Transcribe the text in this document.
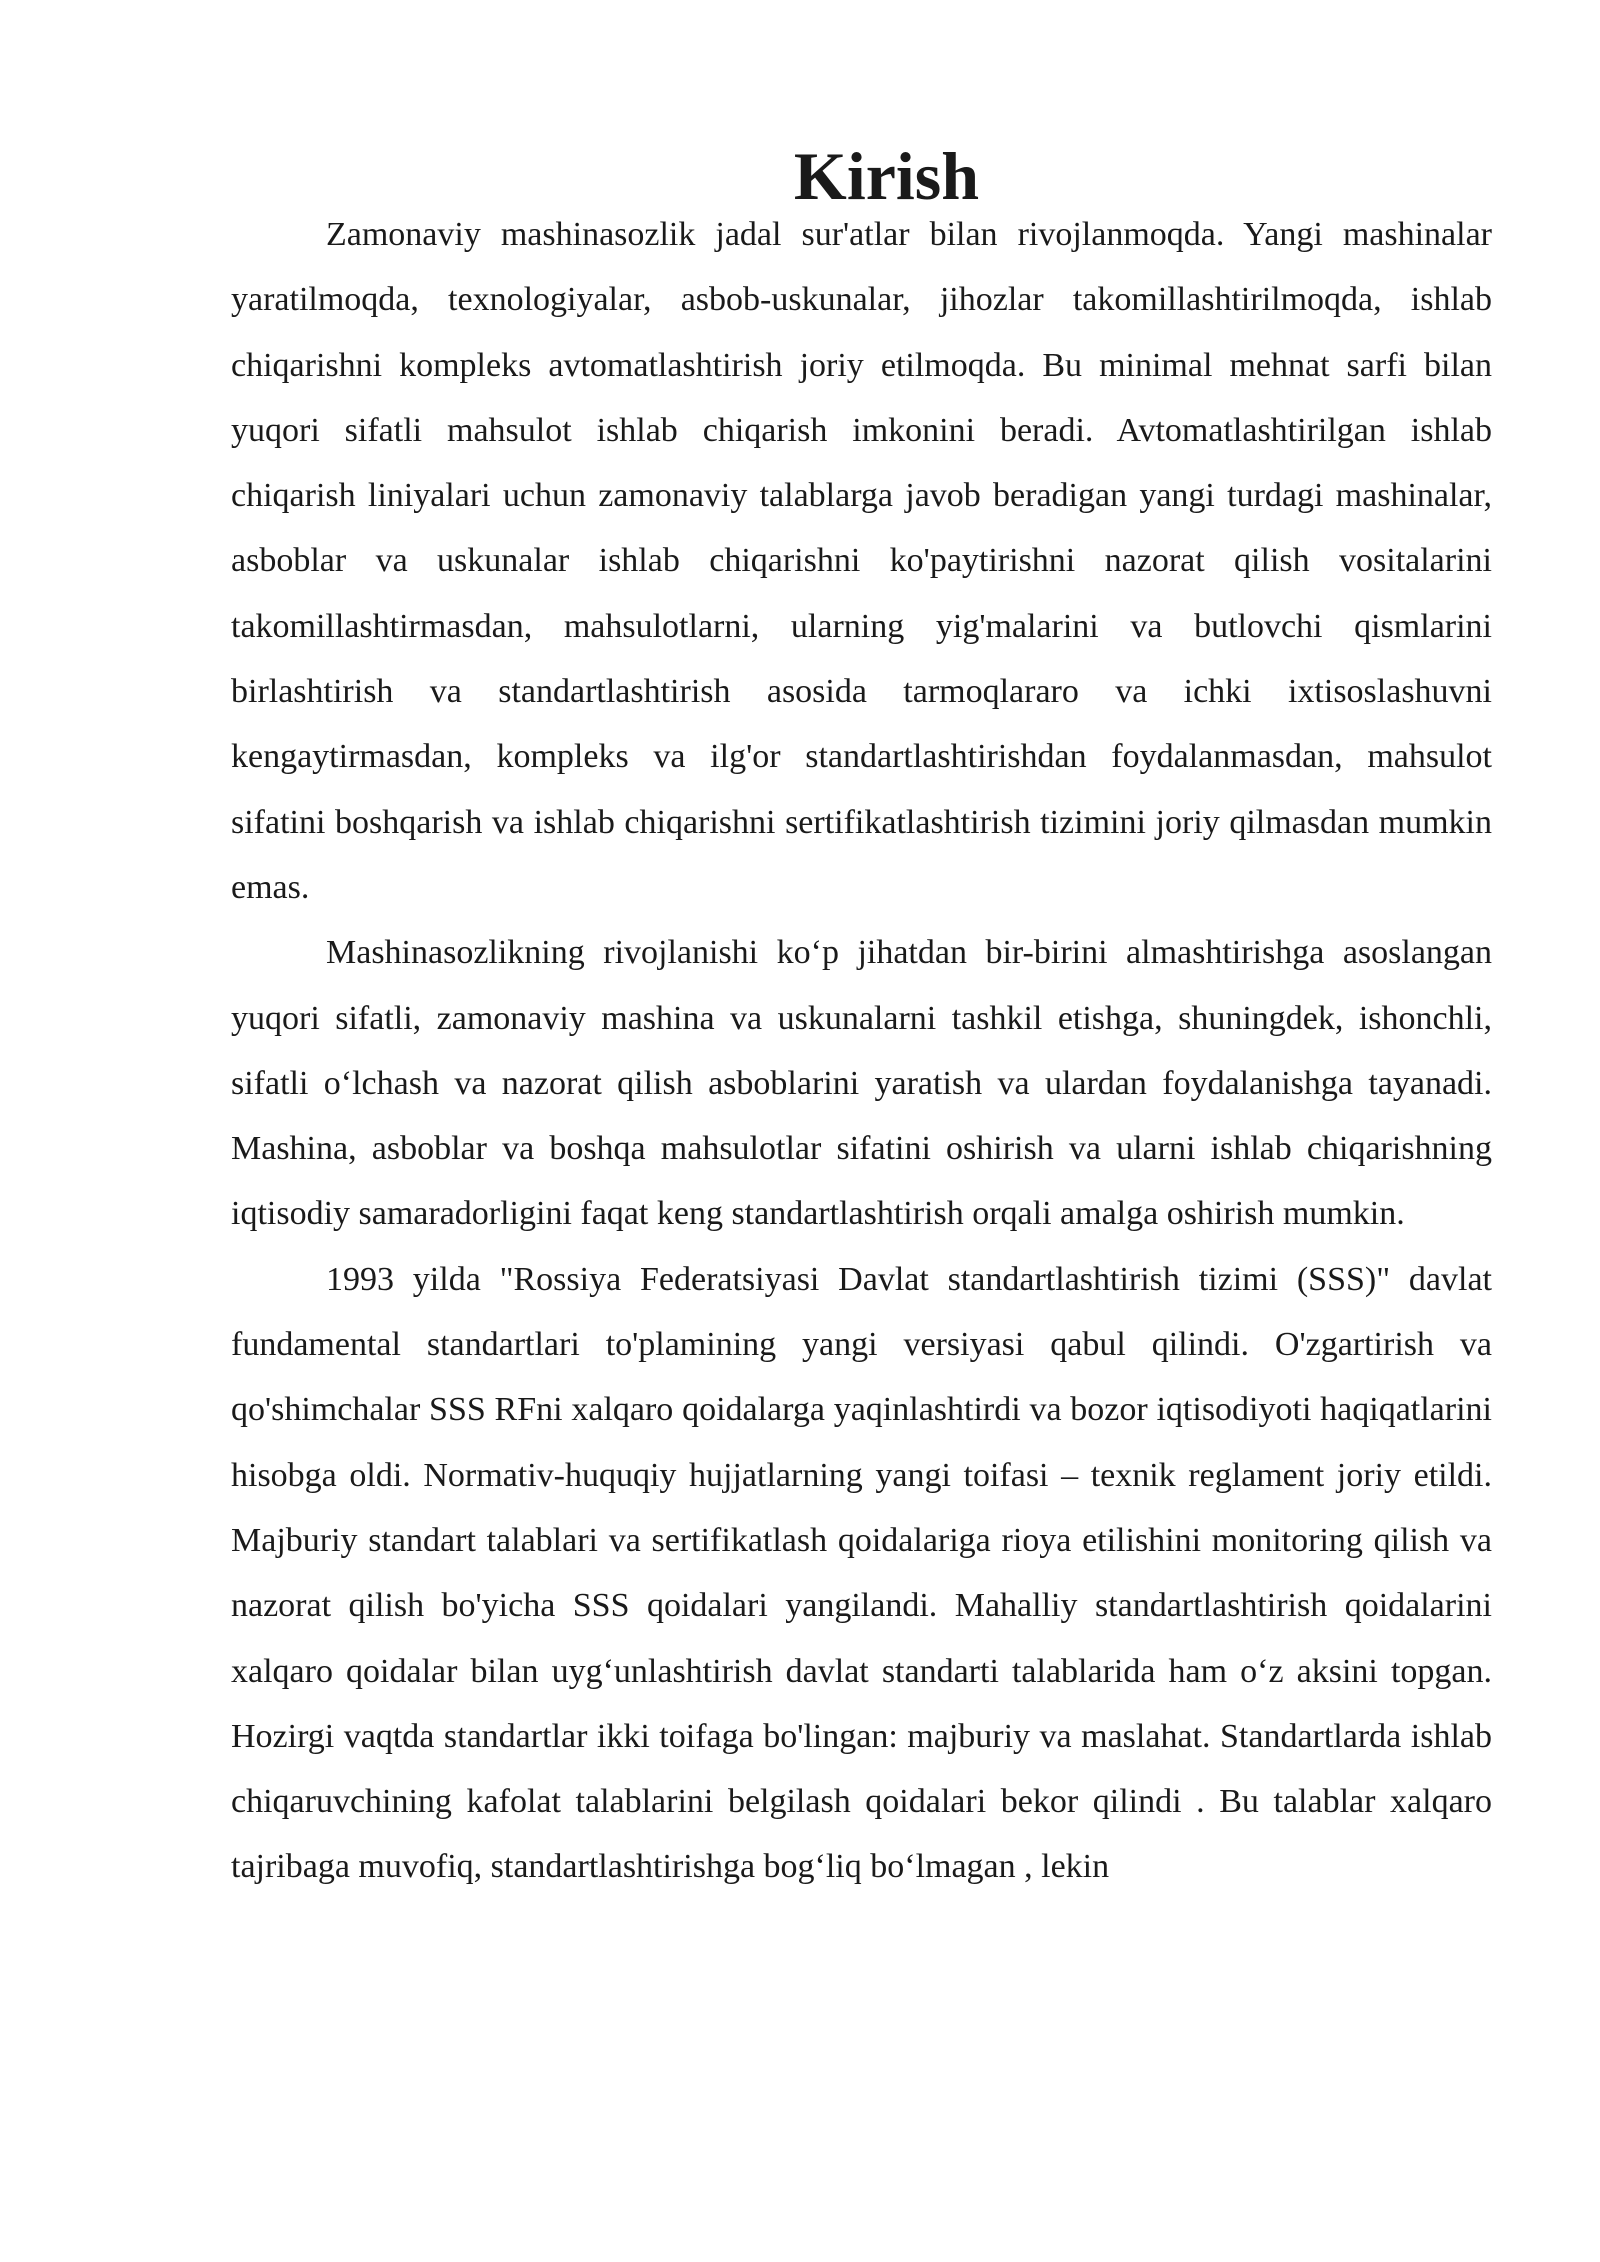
Kirish

Zamonaviy mashinasozlik jadal sur'atlar bilan rivojlanmoqda. Yangi mashinalar yaratilmoqda, texnologiyalar, asbob-uskunalar, jihozlar takomillashtirilmoqda, ishlab chiqarishni kompleks avtomatlashtirish joriy etilmoqda. Bu minimal mehnat sarfi bilan yuqori sifatli mahsulot ishlab chiqarish imkonini beradi. Avtomatlashtirilgan ishlab chiqarish liniyalari uchun zamonaviy talablarga javob beradigan yangi turdagi mashinalar, asboblar va uskunalar ishlab chiqarishni ko'paytirishni nazorat qilish vositalarini takomillashtirmasdan, mahsulotlarni, ularning yig'malarini va butlovchi qismlarini birlashtirish va standartlashtirish asosida tarmoqlararo va ichki ixtisoslashuvni kengaytirmasdan, kompleks va ilg'or standartlashtirishdan foydalanmasdan, mahsulot sifatini boshqarish va ishlab chiqarishni sertifikatlashtirish tizimini joriy qilmasdan mumkin emas.

Mashinasozlikning rivojlanishi ko‘p jihatdan bir-birini almashtirishga asoslangan yuqori sifatli, zamonaviy mashina va uskunalarni tashkil etishga, shuningdek, ishonchli, sifatli o‘lchash va nazorat qilish asboblarini yaratish va ulardan foydalanishga tayanadi. Mashina, asboblar va boshqa mahsulotlar sifatini oshirish va ularni ishlab chiqarishning iqtisodiy samaradorligini faqat keng standartlashtirish orqali amalga oshirish mumkin.

1993 yilda "Rossiya Federatsiyasi Davlat standartlashtirish tizimi (SSS)" davlat fundamental standartlari to'plamining yangi versiyasi qabul qilindi. O'zgartirish va qo'shimchalar SSS RFni xalqaro qoidalarga yaqinlashtirdi va bozor iqtisodiyoti haqiqatlarini hisobga oldi. Normativ-huquqiy hujjatlarning yangi toifasi – texnik reglament joriy etildi. Majburiy standart talablari va sertifikatlash qoidalariga rioya etilishini monitoring qilish va nazorat qilish bo'yicha SSS qoidalari yangilandi. Mahalliy standartlashtirish qoidalarini xalqaro qoidalar bilan uyg‘unlashtirish davlat standarti talablarida ham o‘z aksini topgan. Hozirgi vaqtda standartlar ikki toifaga bo'lingan: majburiy va maslahat. Standartlarda ishlab chiqaruvchining kafolat talablarini belgilash qoidalari bekor qilindi . Bu talablar xalqaro tajribaga muvofiq, standartlashtirishga bog‘liq bo‘lmagan , lekin
